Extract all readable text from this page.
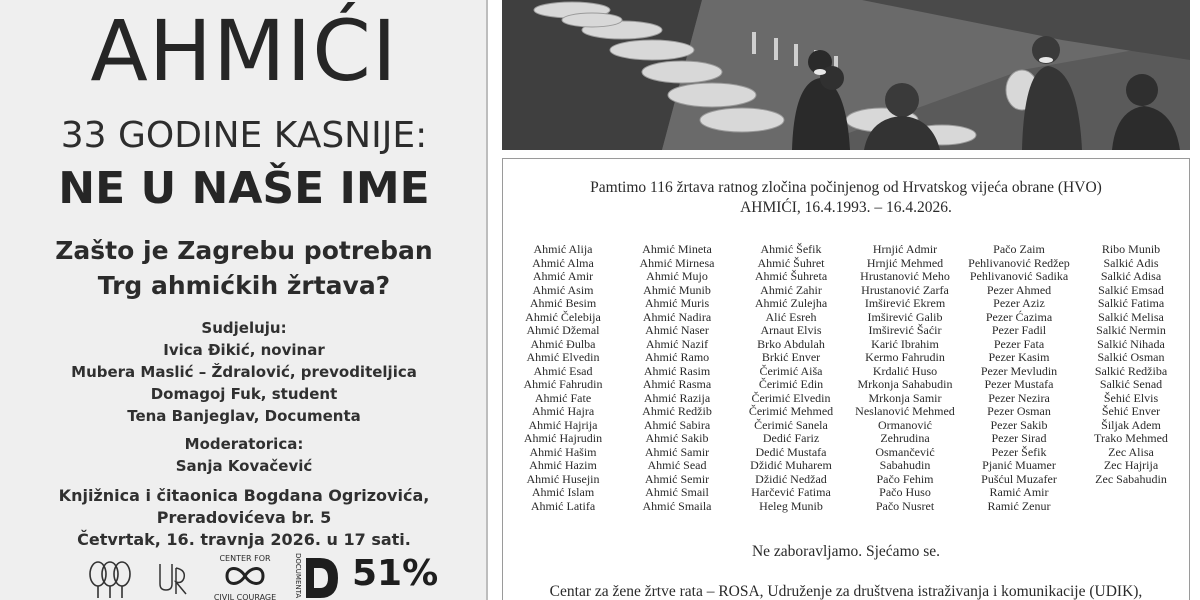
AHMIĆI
33 GODINE KASNIJE:
NE U NAŠE IME
Zašto je Zagrebu potreban
Trg ahmićkih žrtava?
Sudjeluju:
Ivica Đikić, novinar
Mubera Maslić – Ždralović, prevoditeljica
Domagoj Fuk, student
Tena Banjeglav, Documenta
Moderatorica:
Sanja Kovačević
Knjižnica i čitaonica Bogdana Ogrizovića,
Preradovićeva br. 5
Četvrtak, 16. travnja 2026. u 17 sati.
CENTER FOR
CIVIL COURAGE	DOCUMENTA 51%
Pamtimo 116 žrtava ratnog zločina počinjenog od Hrvatskog vijeća obrane (HVO)
AHMIĆI, 16.4.1993. – 16.4.2026.
Ahmić Alija
Ahmić Alma
Ahmić Amir
Ahmić Asim
Ahmić Besim
Ahmić Čelebija
Ahmić Džemal
Ahmić Đulba
Ahmić Elvedin
Ahmić Esad
Ahmić Fahrudin
Ahmić Fate
Ahmić Hajra
Ahmić Hajrija
Ahmić Hajrudin
Ahmić Hašim
Ahmić Hazim
Ahmić Husejin
Ahmić Islam
Ahmić Latifa
Ahmić Mineta
Ahmić Mirnesa
Ahmić Mujo
Ahmić Munib
Ahmić Muris
Ahmić Nadira
Ahmić Naser
Ahmić Nazif
Ahmić Ramo
Ahmić Rasim
Ahmić Rasma
Ahmić Razija
Ahmić Redžib
Ahmić Sabira
Ahmić Sakib
Ahmić Samir
Ahmić Sead
Ahmić Semir
Ahmić Smail
Ahmić Smaila
Ahmić Šefik
Ahmić Šuhret
Ahmić Šuhreta
Ahmić Zahir
Ahmić Zulejha
Alić Esreh
Arnaut Elvis
Brko Abdulah
Brkić Enver
Čerimić Aiša
Čerimić Edin
Čerimić Elvedin
Čerimić Mehmed
Čerimić Sanela
Dedić Fariz
Dedić Mustafa
Džidić Muharem
Džidić Nedžad
Harčević Fatima
Heleg Munib
Hrnjić Admir
Hrnjić Mehmed
Hrustanović Meho
Hrustanović Zarfa
Imširević Ekrem
Imširević Galib
Imširević Šaćir
Karić Ibrahim
Kermo Fahrudin
Krdalić Huso
Mrkonja Sahabudin
Mrkonja Samir
Neslanović Mehmed
Ormanović
Zehrudina
Osmančević
Sabahudin
Pačo Fehim
Pačo Huso
Pačo Nusret
Pačo Zaim
Pehlivanović Redžep
Pehlivanović Sadika
Pezer Ahmed
Pezer Aziz
Pezer Ćazima
Pezer Fadil
Pezer Fata
Pezer Kasim
Pezer Mevludin
Pezer Mustafa
Pezer Nezira
Pezer Osman
Pezer Sakib
Pezer Sirad
Pezer Šefik
Pjanić Muamer
Pušćul Muzafer
Ramić Amir
Ramić Zenur
Ribo Munib
Salkić Adis
Salkić Adisa
Salkić Emsad
Salkić Fatima
Salkić Melisa
Salkić Nermin
Salkić Nihada
Salkić Osman
Salkić Redžiba
Salkić Senad
Šehić Elvis
Šehić Enver
Šiljak Adem
Trako Mehmed
Zec Alisa
Zec Hajrija
Zec Sabahudin
Ne zaboravljamo. Sjećamo se.
Centar za žene žrtve rata – ROSA, Udruženje za društvena istraživanja i komunikacije (UDIK),
